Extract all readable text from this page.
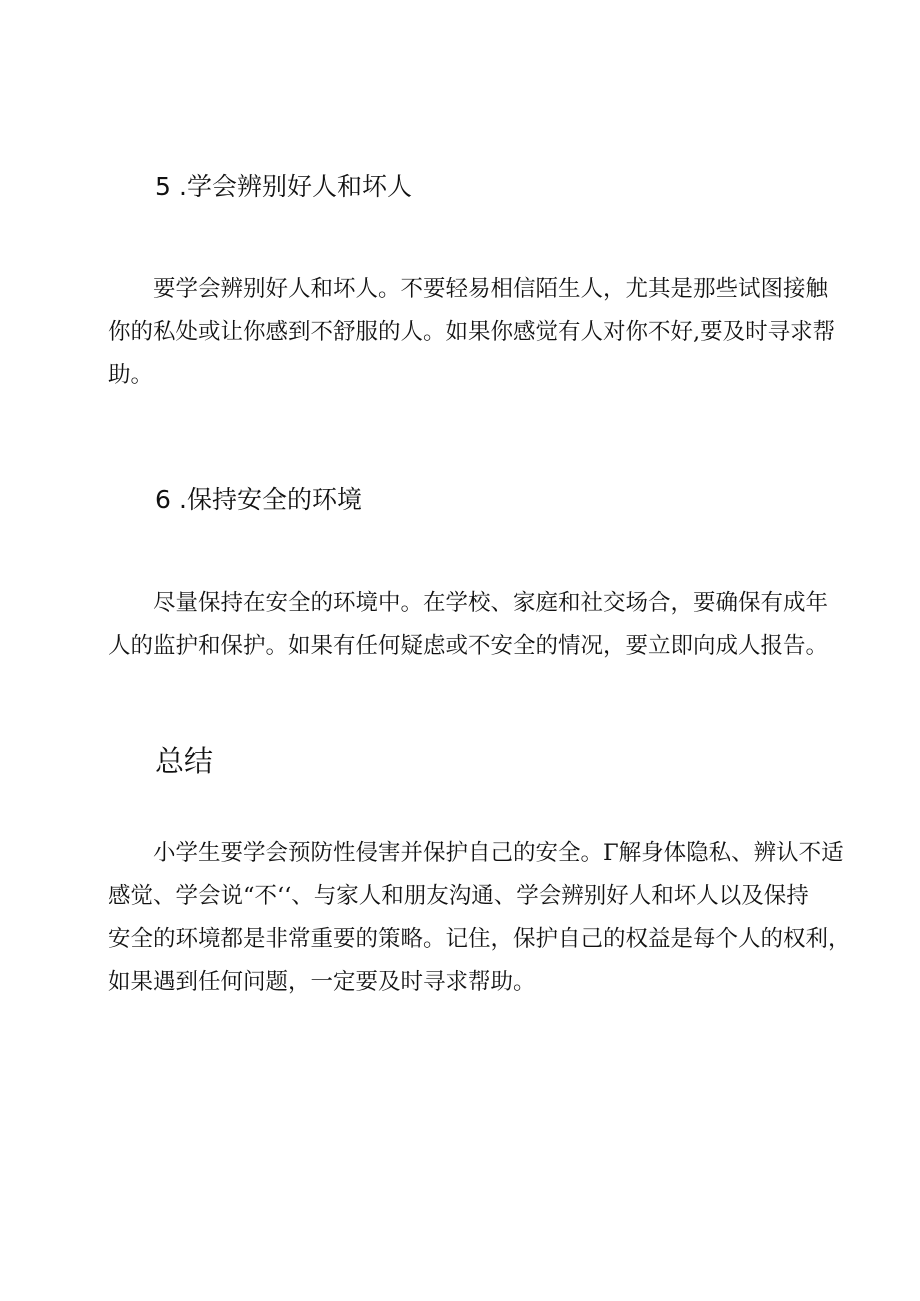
5 .学会辨别好人和坏人
要学会辨别好人和坏人。不要轻易相信陌生人，尤其是那些试图接触
你的私处或让你感到不舒服的人。如果你感觉有人对你不好,要及时寻求帮
助。
6 .保持安全的环境
尽量保持在安全的环境中。在学校、家庭和社交场合，要确保有成年
人的监护和保护。如果有任何疑虑或不安全的情况，要立即向成人报告。
总结
小学生要学会预防性侵害并保护自己的安全。Γ解身体隐私、辨认不适
感觉、学会说“不‘‘、与家人和朋友沟通、学会辨别好人和坏人以及保持
安全的环境都是非常重要的策略。记住，保护自己的权益是每个人的权利，
如果遇到任何问题，一定要及时寻求帮助。
